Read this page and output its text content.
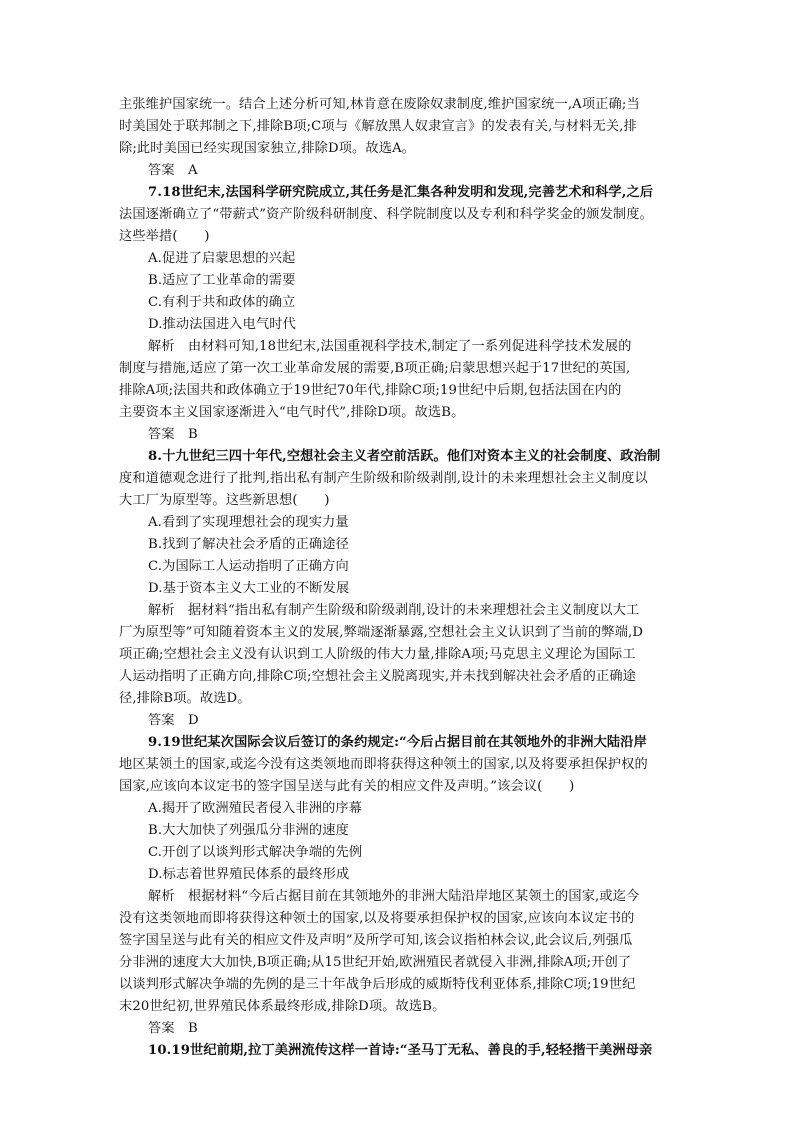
主张维护国家统一。结合上述分析可知,林肯意在废除奴隶制度,维护国家统一,A项正确;当
时美国处于联邦制之下,排除B项;C项与《解放黑人奴隶宣言》的发表有关,与材料无关,排
除;此时美国已经实现国家独立,排除D项。故选A。
答案　A
7.18世纪末,法国科学研究院成立,其任务是汇集各种发明和发现,完善艺术和科学,之后
法国逐渐确立了“带薪式”资产阶级科研制度、科学院制度以及专利和科学奖金的颁发制度。
这些举措(　　)
A.促进了启蒙思想的兴起
B.适应了工业革命的需要
C.有利于共和政体的确立
D.推动法国进入电气时代
解析　由材料可知,18世纪末,法国重视科学技术,制定了一系列促进科学技术发展的
制度与措施,适应了第一次工业革命发展的需要,B项正确;启蒙思想兴起于17世纪的英国,
排除A项;法国共和政体确立于19世纪70年代,排除C项;19世纪中后期,包括法国在内的
主要资本主义国家逐渐进入“电气时代”,排除D项。故选B。
答案　B
8.十九世纪三四十年代,空想社会主义者空前活跃。他们对资本主义的社会制度、政治制
度和道德观念进行了批判,指出私有制产生阶级和阶级剥削,设计的未来理想社会主义制度以
大工厂为原型等。这些新思想(　　)
A.看到了实现理想社会的现实力量
B.找到了解决社会矛盾的正确途径
C.为国际工人运动指明了正确方向
D.基于资本主义大工业的不断发展
解析　据材料“指出私有制产生阶级和阶级剥削,设计的未来理想社会主义制度以大工
厂为原型等”可知随着资本主义的发展,弊端逐渐暴露,空想社会主义认识到了当前的弊端,D
项正确;空想社会主义没有认识到工人阶级的伟大力量,排除A项;马克思主义理论为国际工
人运动指明了正确方向,排除C项;空想社会主义脱离现实,并未找到解决社会矛盾的正确途
径,排除B项。故选D。
答案　D
9.19世纪某次国际会议后签订的条约规定:“今后占据目前在其领地外的非洲大陆沿岸
地区某领土的国家,或迄今没有这类领地而即将获得这种领土的国家,以及将要承担保护权的
国家,应该向本议定书的签字国呈送与此有关的相应文件及声明。”该会议(　　)
A.揭开了欧洲殖民者侵入非洲的序幕
B.大大加快了列强瓜分非洲的速度
C.开创了以谈判形式解决争端的先例
D.标志着世界殖民体系的最终形成
解析　根据材料“今后占据目前在其领地外的非洲大陆沿岸地区某领土的国家,或迄今
没有这类领地而即将获得这种领土的国家,以及将要承担保护权的国家,应该向本议定书的
签字国呈送与此有关的相应文件及声明”及所学可知,该会议指柏林会议,此会议后,列强瓜
分非洲的速度大大加快,B项正确;从15世纪开始,欧洲殖民者就侵入非洲,排除A项;开创了
以谈判形式解决争端的先例的是三十年战争后形成的威斯特伐利亚体系,排除C项;19世纪
末20世纪初,世界殖民体系最终形成,排除D项。故选B。
答案　B
10.19世纪前期,拉丁美洲流传这样一首诗:“圣马丁无私、善良的手,轻轻揩干美洲母亲
